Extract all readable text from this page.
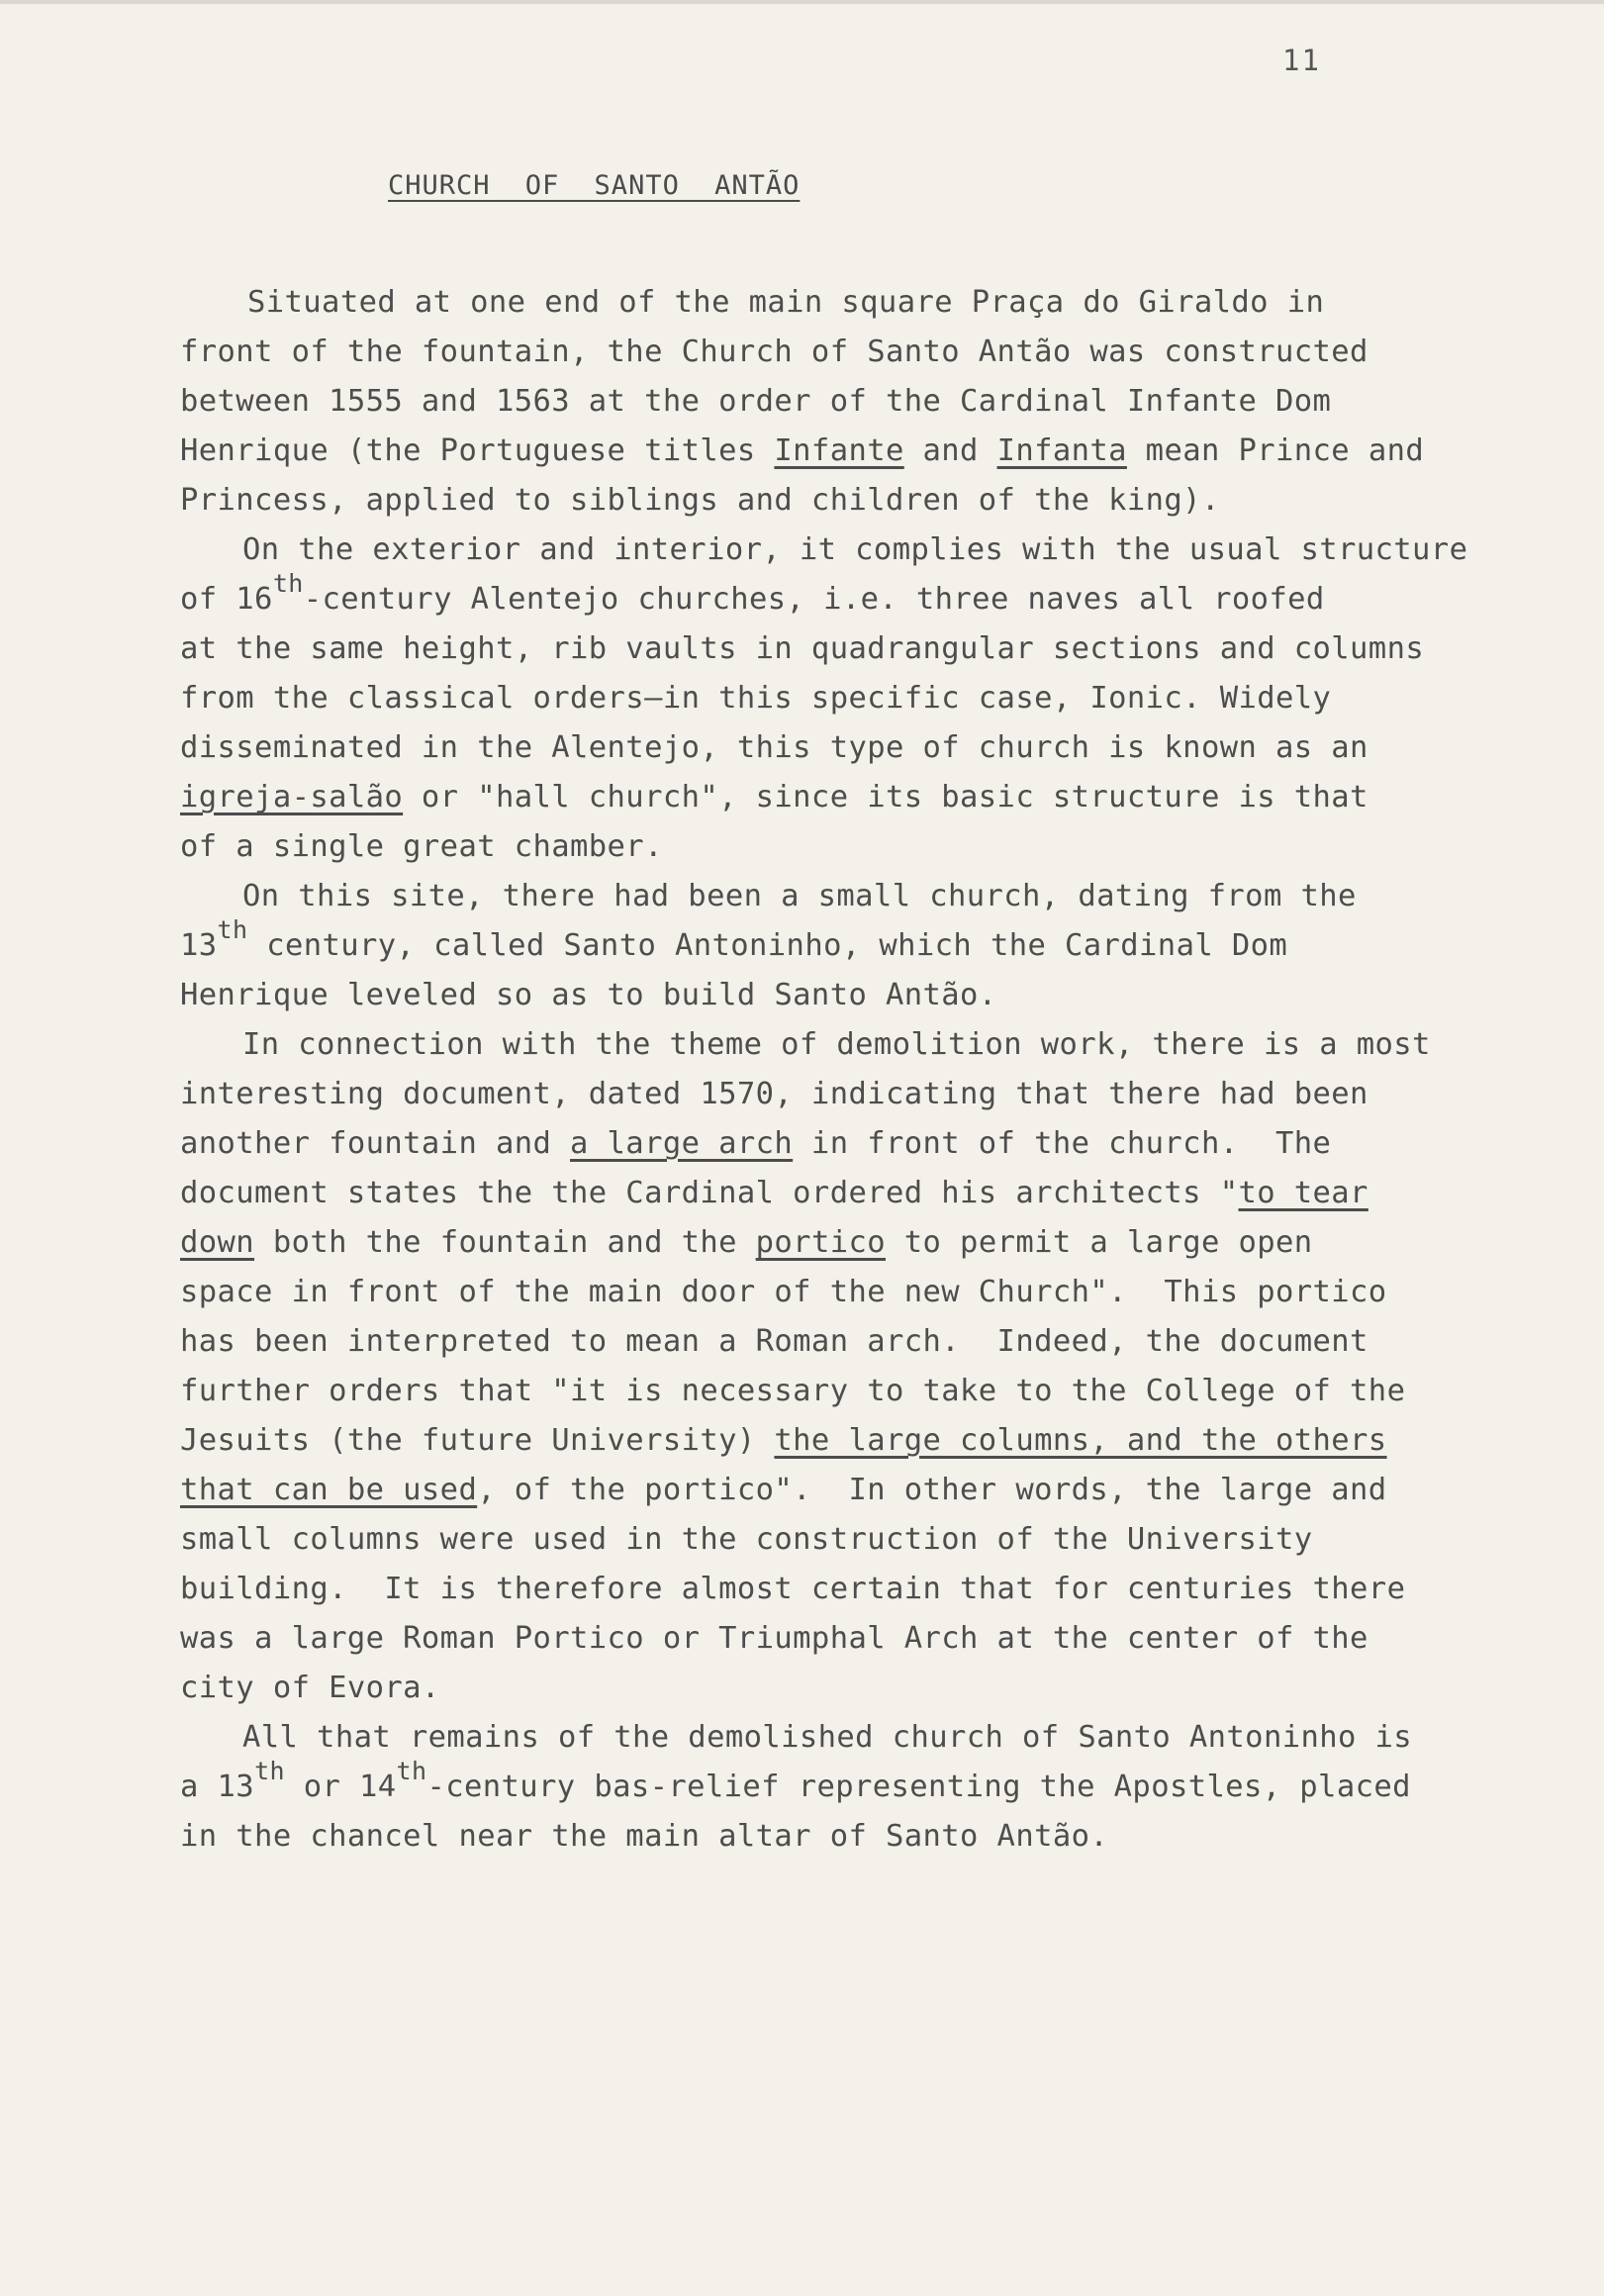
11
CHURCH OF SANTO ANTÃO
Situated at one end of the main square Praça do Giraldo in
front of the fountain, the Church of Santo Antão was constructed
between 1555 and 1563 at the order of the Cardinal Infante Dom
Henrique (the Portuguese titles Infante and Infanta mean Prince and
Princess, applied to siblings and children of the king).
On the exterior and interior, it complies with the usual structure
of 16th-century Alentejo churches, i.e. three naves all roofed
at the same height, rib vaults in quadrangular sections and columns
from the classical orders—in this specific case, Ionic. Widely
disseminated in the Alentejo, this type of church is known as an
igreja-salão or "hall church", since its basic structure is that
of a single great chamber.
On this site, there had been a small church, dating from the
13th century, called Santo Antoninho, which the Cardinal Dom
Henrique leveled so as to build Santo Antão.
In connection with the theme of demolition work, there is a most
interesting document, dated 1570, indicating that there had been
another fountain and a large arch in front of the church.  The
document states the the Cardinal ordered his architects "to tear
down both the fountain and the portico to permit a large open
space in front of the main door of the new Church".  This portico
has been interpreted to mean a Roman arch.  Indeed, the document
further orders that "it is necessary to take to the College of the
Jesuits (the future University) the large columns, and the others
that can be used, of the portico".  In other words, the large and
small columns were used in the construction of the University
building.  It is therefore almost certain that for centuries there
was a large Roman Portico or Triumphal Arch at the center of the
city of Evora.
All that remains of the demolished church of Santo Antoninho is
a 13th or 14th-century bas-relief representing the Apostles, placed
in the chancel near the main altar of Santo Antão.
